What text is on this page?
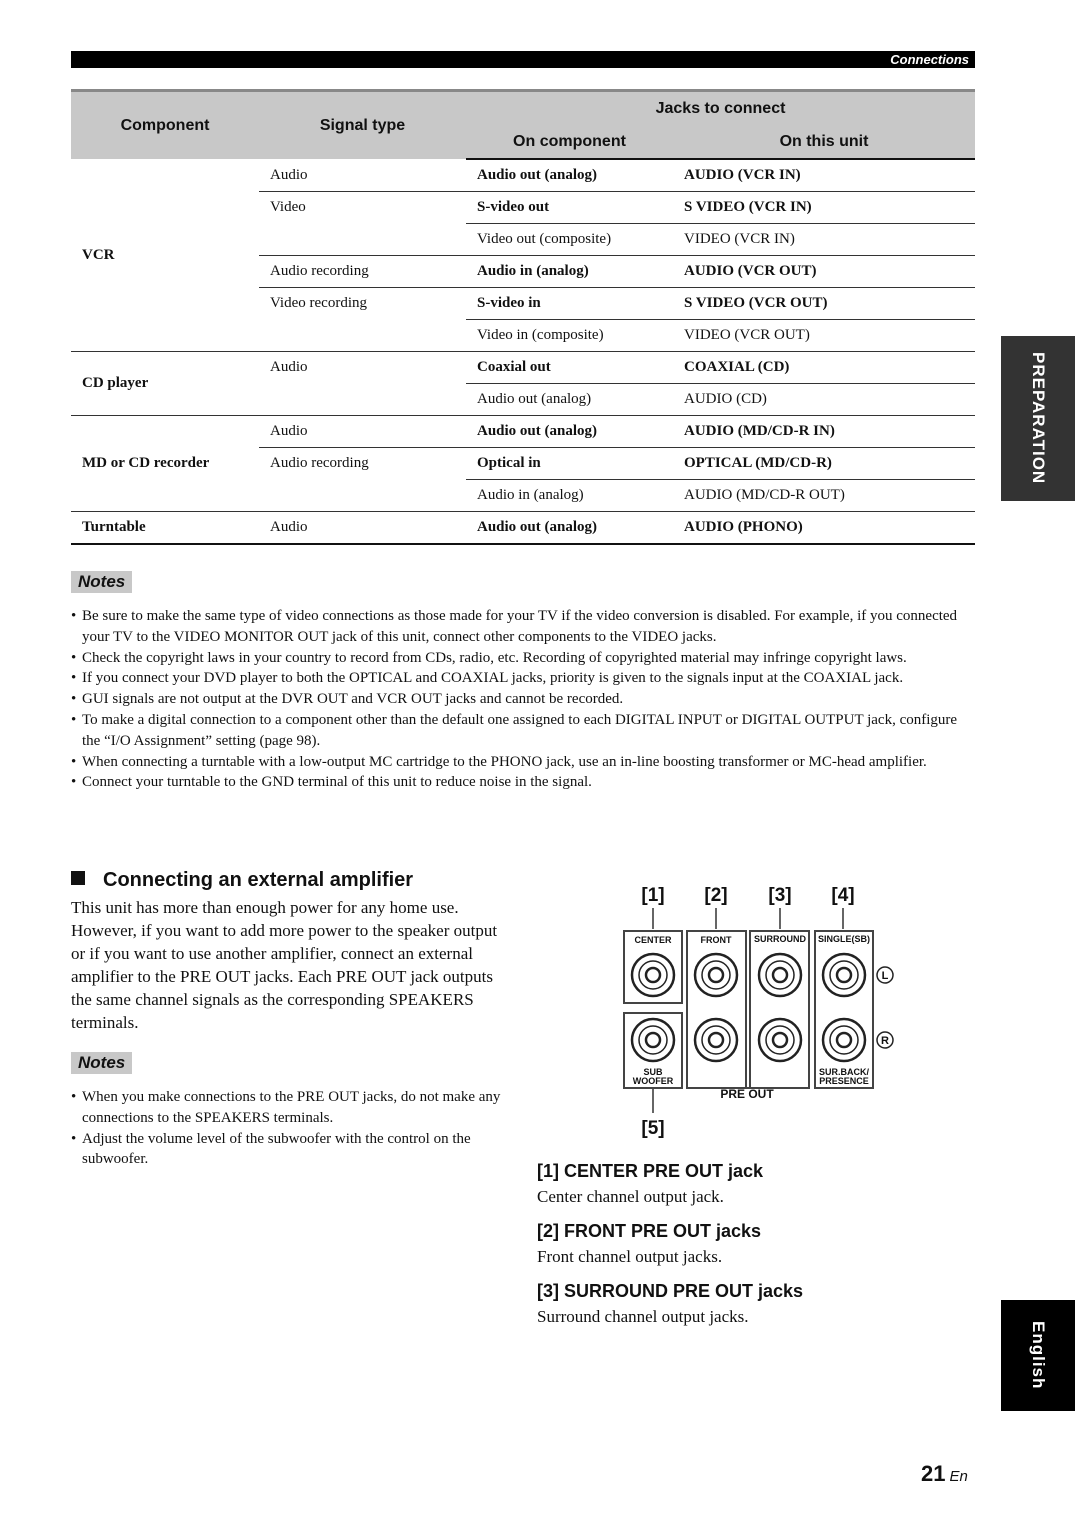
Connections
Component	Signal type	Jacks to connect	
		On component	On this unit
VCR	Audio	Audio out (analog)	AUDIO (VCR IN)
	Video	S-video out	S VIDEO (VCR IN)
		Video out (composite)	VIDEO (VCR IN)
	Audio recording	Audio in (analog)	AUDIO (VCR OUT)
	Video recording	S-video in	S VIDEO (VCR OUT)
		Video in (composite)	VIDEO (VCR OUT)
CD player	Audio	Coaxial out	COAXIAL (CD)
		Audio out (analog)	AUDIO (CD)
MD or CD recorder	Audio	Audio out (analog)	AUDIO (MD/CD-R IN)
	Audio recording	Optical in	OPTICAL (MD/CD-R)
		Audio in (analog)	AUDIO (MD/CD-R OUT)
Turntable	Audio	Audio out (analog)	AUDIO (PHONO)
PREPARATION
Notes
• Be sure to make the same type of video connections as those made for your TV if the video conversion is disabled. For example, if you connected your TV to the VIDEO MONITOR OUT jack of this unit, connect other components to the VIDEO jacks.
• Check the copyright laws in your country to record from CDs, radio, etc. Recording of copyrighted material may infringe copyright laws.
• If you connect your DVD player to both the OPTICAL and COAXIAL jacks, priority is given to the signals input at the COAXIAL jack.
• GUI signals are not output at the DVR OUT and VCR OUT jacks and cannot be recorded.
• To make a digital connection to a component other than the default one assigned to each DIGITAL INPUT or DIGITAL OUTPUT jack, configure the “I/O Assignment” setting (page 98).
• When connecting a turntable with a low-output MC cartridge to the PHONO jack, use an in-line boosting transformer or MC-head amplifier.
• Connect your turntable to the GND terminal of this unit to reduce noise in the signal.
Connecting an external amplifier

This unit has more than enough power for any home use. However, if you want to add more power to the speaker output or if you want to use another amplifier, connect an external amplifier to the PRE OUT jacks. Each PRE OUT jack outputs the same channel signals as the corresponding SPEAKERS terminals.

Notes
• When you make connections to the PRE OUT jacks, do not make any connections to the SPEAKERS terminals.
• Adjust the volume level of the subwoofer with the control on the subwoofer.
[1] [2] [3] [4]
[5]
CENTER	FRONT SURROUND SINGLE(SB)
SUB
WOOFER
SUR.BACK/
PRESENCE
PRE OUT
L
R
[1] CENTER PRE OUT jack
Center channel output jack.
[2] FRONT PRE OUT jacks
Front channel output jacks.
[3] SURROUND PRE OUT jacks
Surround channel output jacks.
English
21 En
